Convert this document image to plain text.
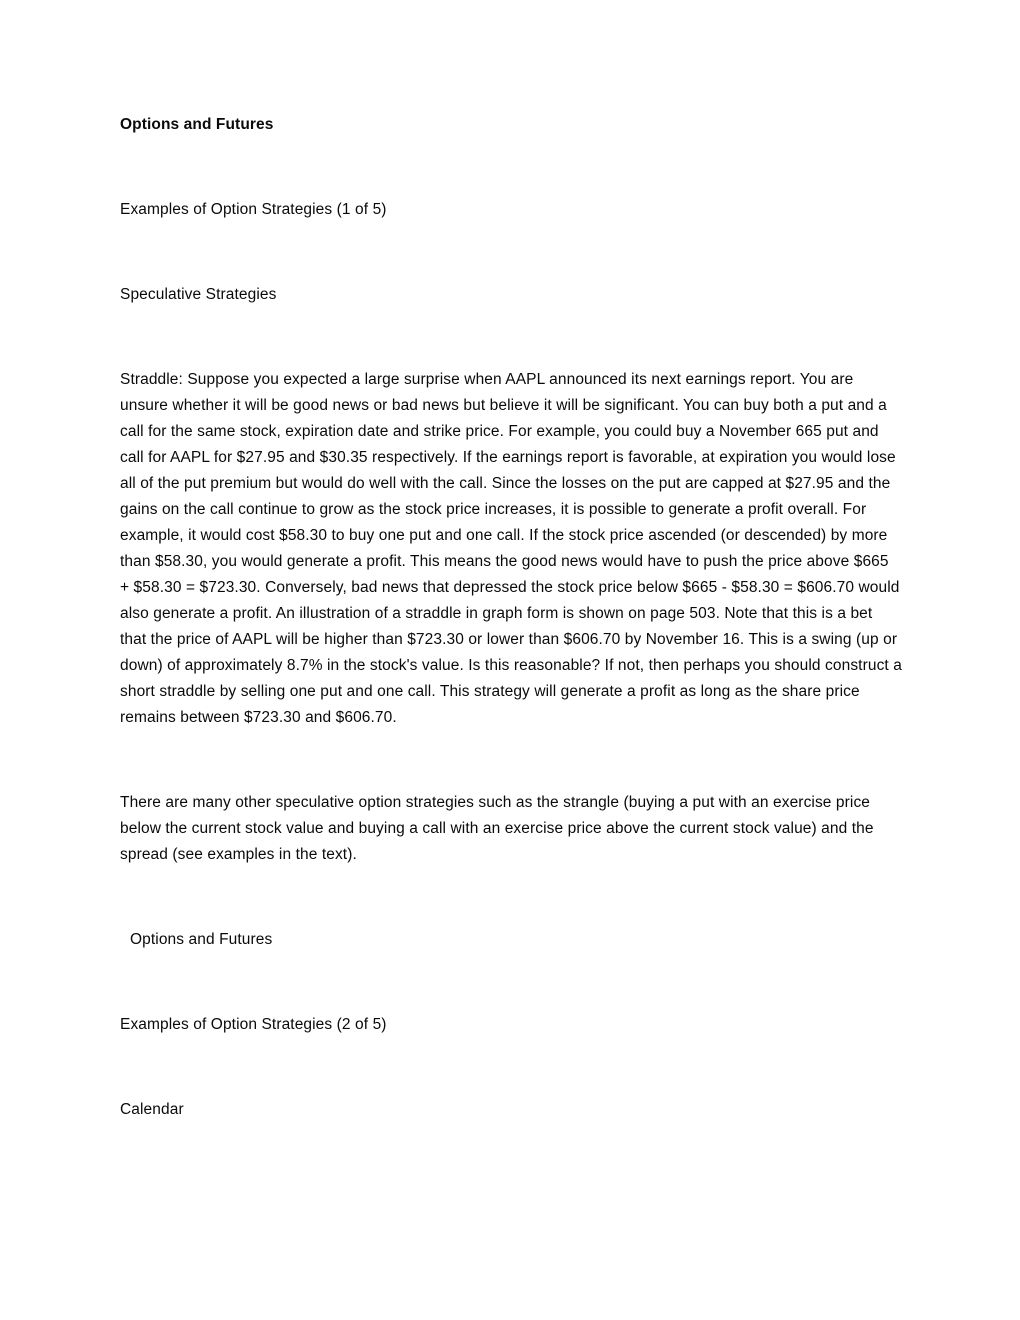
Options and Futures

Examples of Option Strategies (1 of 5)

Speculative Strategies

Straddle: Suppose you expected a large surprise when AAPL announced its next earnings report. You are unsure whether it will be good news or bad news but believe it will be significant. You can buy both a put and a call for the same stock, expiration date and strike price. For example, you could buy a November 665 put and call for AAPL for $27.95 and $30.35 respectively. If the earnings report is favorable, at expiration you would lose all of the put premium but would do well with the call. Since the losses on the put are capped at $27.95 and the gains on the call continue to grow as the stock price increases, it is possible to generate a profit overall. For example, it would cost $58.30 to buy one put and one call. If the stock price ascended (or descended) by more than $58.30, you would generate a profit. This means the good news would have to push the price above $665 + $58.30 = $723.30. Conversely, bad news that depressed the stock price below $665 - $58.30 = $606.70 would also generate a profit. An illustration of a straddle in graph form is shown on page 503. Note that this is a bet that the price of AAPL will be higher than $723.30 or lower than $606.70 by November 16. This is a swing (up or down) of approximately 8.7% in the stock's value. Is this reasonable? If not, then perhaps you should construct a short straddle by selling one put and one call. This strategy will generate a profit as long as the share price remains between $723.30 and $606.70.

There are many other speculative option strategies such as the strangle (buying a put with an exercise price below the current stock value and buying a call with an exercise price above the current stock value) and the spread (see examples in the text).

Options and Futures

Examples of Option Strategies (2 of 5)

Calendar
